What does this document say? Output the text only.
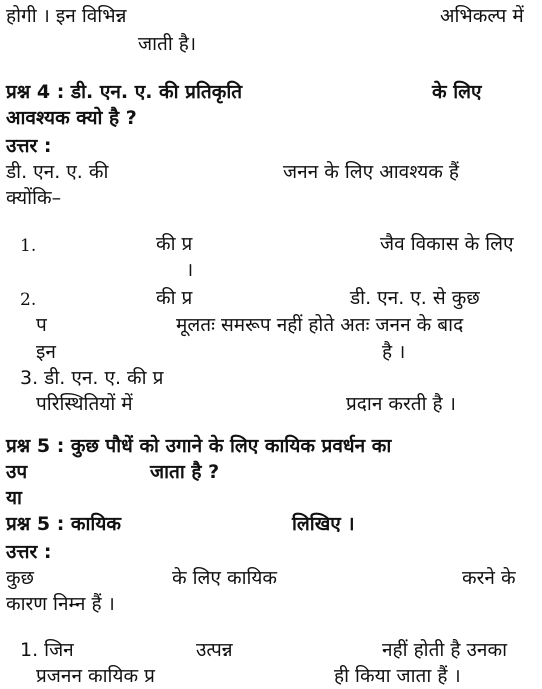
होगी । इन विभिन्न	अभिकल्प में
जाती है।
प्रश्न 4 : डी. एन. ए. की प्रतिकृति	के लिए
आवश्यक क्यो है ?
उत्तर :
डी. एन. ए. की	जनन के लिए आवश्यक हैं
क्योंकि–
1.	की प्र	जैव विकास के लिए
।
2.	की प्र	डी. एन. ए. से कुछ
प	मूलतः समरूप नहीं होते अतः जनन के बाद
इन	है ।
3. डी. एन. ए. की प्र
परिस्थितियों में	प्रदान करती है ।
प्रश्न 5 : कुछ पौधें को उगाने के लिए कायिक प्रवर्धन का
उप	जाता है ?
या
प्रश्न 5 : कायिक	लिखिए ।
उत्तर :
कुछ	के लिए कायिक	करने के
कारण निम्न हैं ।
1. जिन	उत्पन्न	नहीं होती है उनका
प्रजनन कायिक प्र	ही किया जाता हैं ।
